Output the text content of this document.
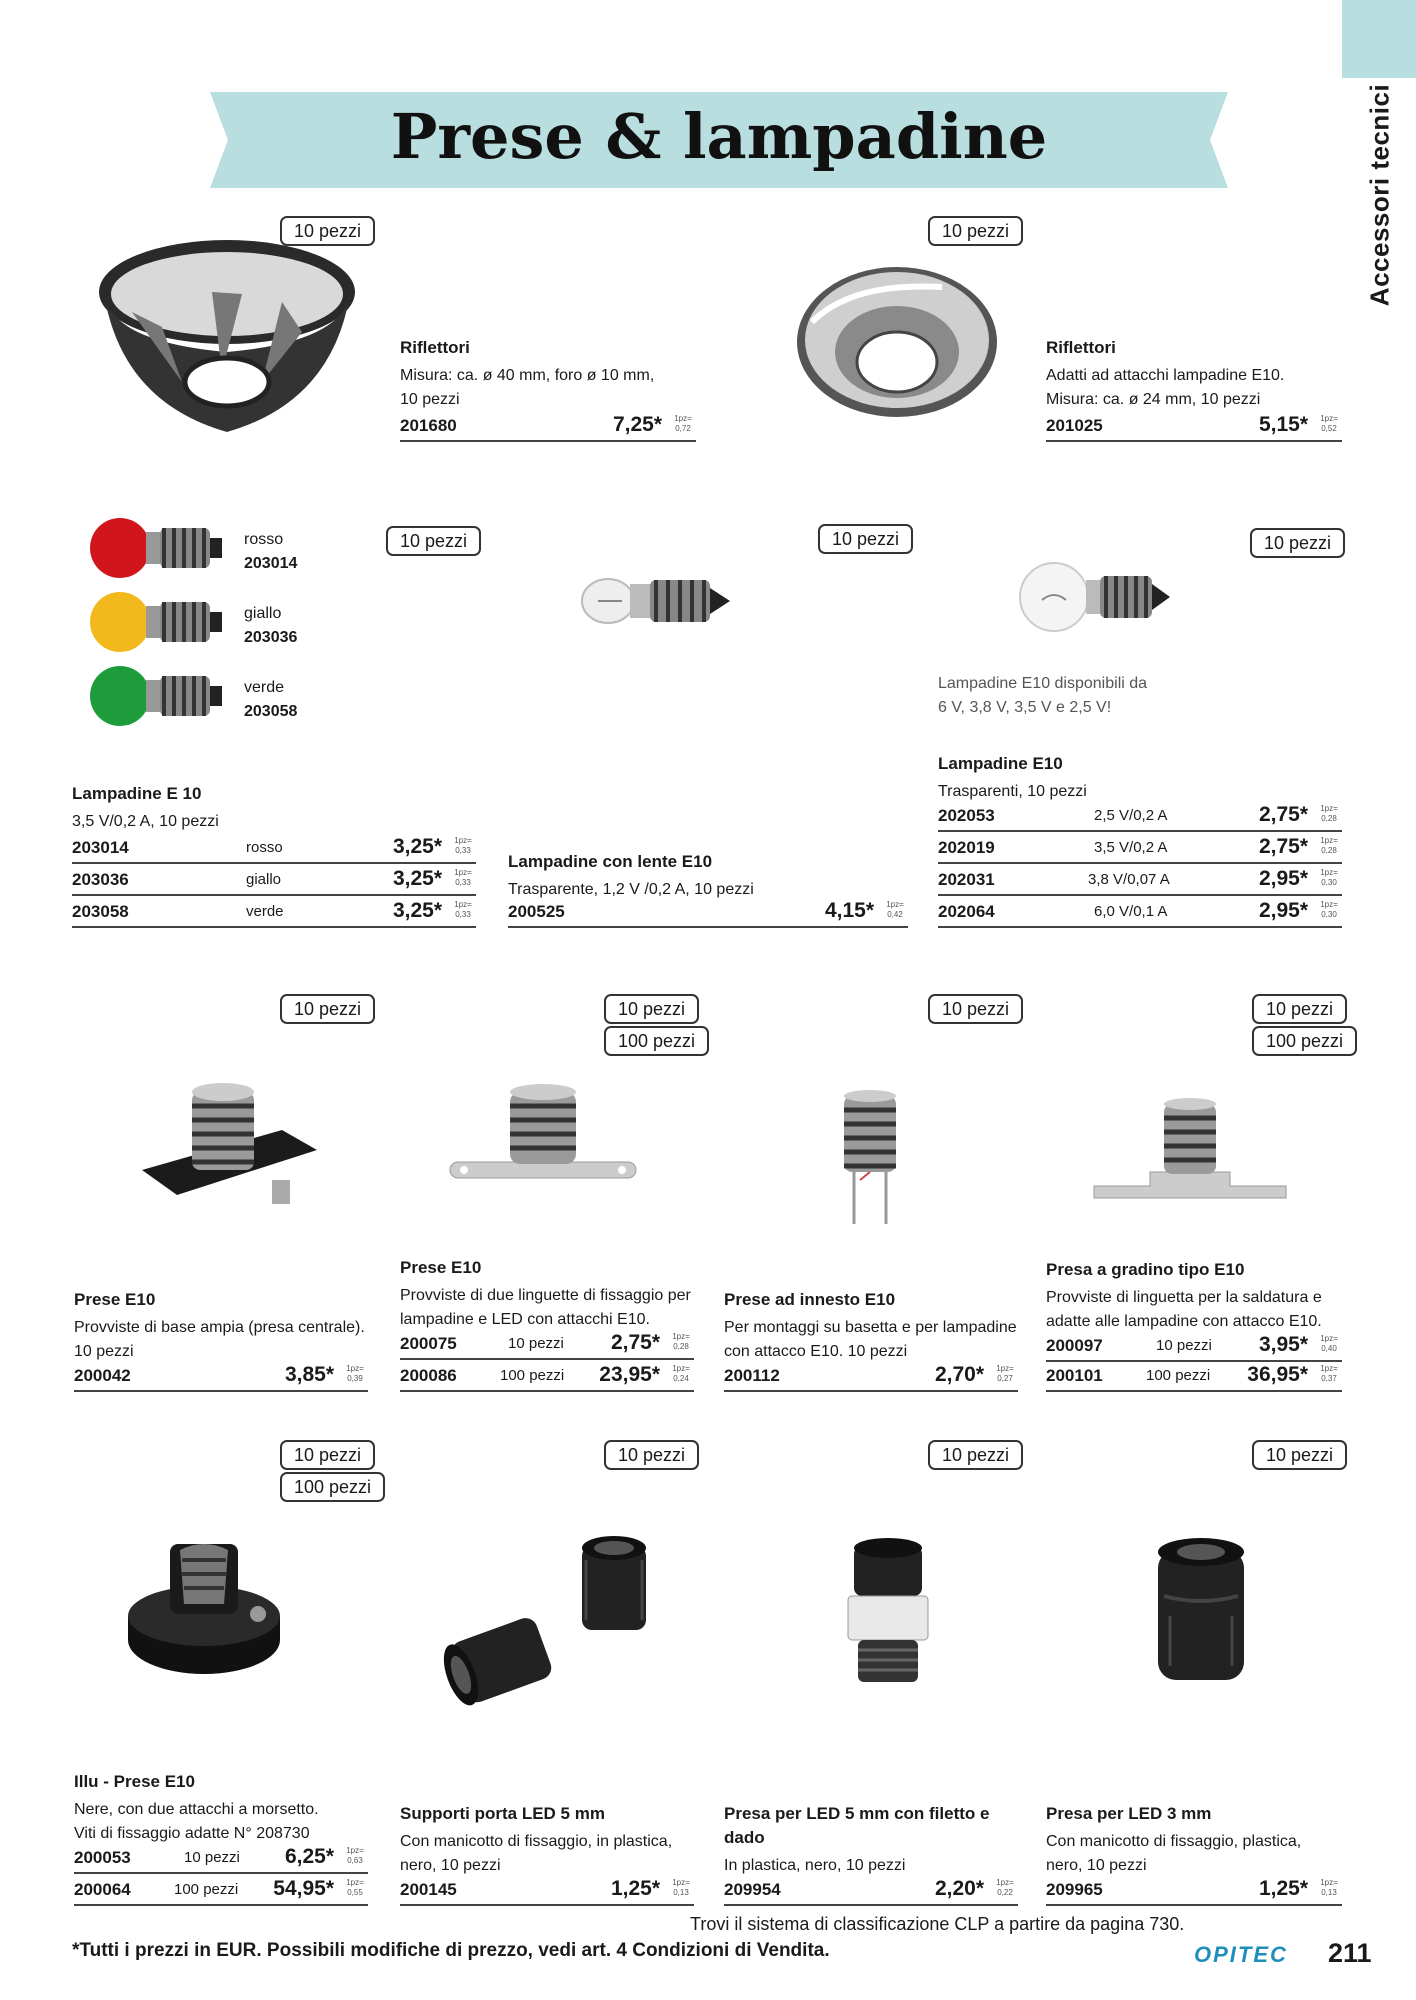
Accessori tecnici
Prese & lampadine
10 pezzi
Riflettori
Misura: ca. ø 40 mm, foro ø 10 mm,
10 pezzi
201680	7,25*	1pz=
0,72
10 pezzi
Riflettori
Adatti ad attacchi lampadine E10.
Misura: ca. ø 24 mm, 10 pezzi
201025	5,15*	1pz=
0,52
rosso
203014
giallo
203036
verde
203058
10 pezzi
Lampadine E 10
3,5 V/0,2 A, 10 pezzi
203014	rosso	3,25*	1pz=
0,33
203036	giallo	3,25*	1pz=
0,33
203058	verde	3,25*	1pz=
0,33
10 pezzi
Lampadine con lente E10
Trasparente, 1,2 V /0,2 A, 10 pezzi
200525	4,15*	1pz=
0,42
10 pezzi
Lampadine E10 disponibili da
6 V, 3,8 V, 3,5 V e 2,5 V!
Lampadine E10
Trasparenti, 10 pezzi
202053	2,5 V/0,2 A	2,75*	1pz=
0,28
202019	3,5 V/0,2 A	2,75*	1pz=
0,28
202031	3,8 V/0,07 A	2,95*	1pz=
0,30
202064	6,0 V/0,1 A	2,95*	1pz=
0,30
10 pezzi
Prese E10
Provviste di base ampia (presa centrale).
10 pezzi
200042	3,85*	1pz=
0,39
10 pezzi
100 pezzi
Prese E10
Provviste di due linguette di fissaggio per
lampadine e LED con attacchi E10.
200075	10 pezzi 2,75*	1pz=
0,28
200086	100 pezzi 23,95*	1pz=
0,24
10 pezzi
Prese ad innesto E10
Per montaggi su basetta e per lampadine
con attacco E10. 10 pezzi
200112	2,70*	1pz=
0,27
10 pezzi
100 pezzi
Presa a gradino tipo E10
Provviste di linguetta per la saldatura e
adatte alle lampadine con attacco E10.
200097	10 pezzi 3,95*	1pz=
0,40
200101	100 pezzi 36,95*	1pz=
0,37
10 pezzi
100 pezzi
Illu - Prese E10
Nere, con due attacchi a morsetto.
Viti di fissaggio adatte N° 208730
200053	10 pezzi 6,25*	1pz=
0,63
200064	100 pezzi 54,95*	1pz=
0,55
10 pezzi
Supporti porta LED 5 mm
Con manicotto di fissaggio, in plastica,
nero, 10 pezzi
200145	1,25*	1pz=
0,13
10 pezzi
Presa per LED 5 mm con filetto e
dado
In plastica, nero, 10 pezzi
209954	2,20*	1pz=
0,22
10 pezzi
Presa per LED 3 mm
Con manicotto di fissaggio, plastica,
nero, 10 pezzi
209965	1,25*	1pz=
0,13
Trovi il sistema di classificazione CLP a partire da pagina 730.
*Tutti i prezzi in EUR. Possibili modifiche di prezzo, vedi art. 4 Condizioni di Vendita.	OPITEC 211
